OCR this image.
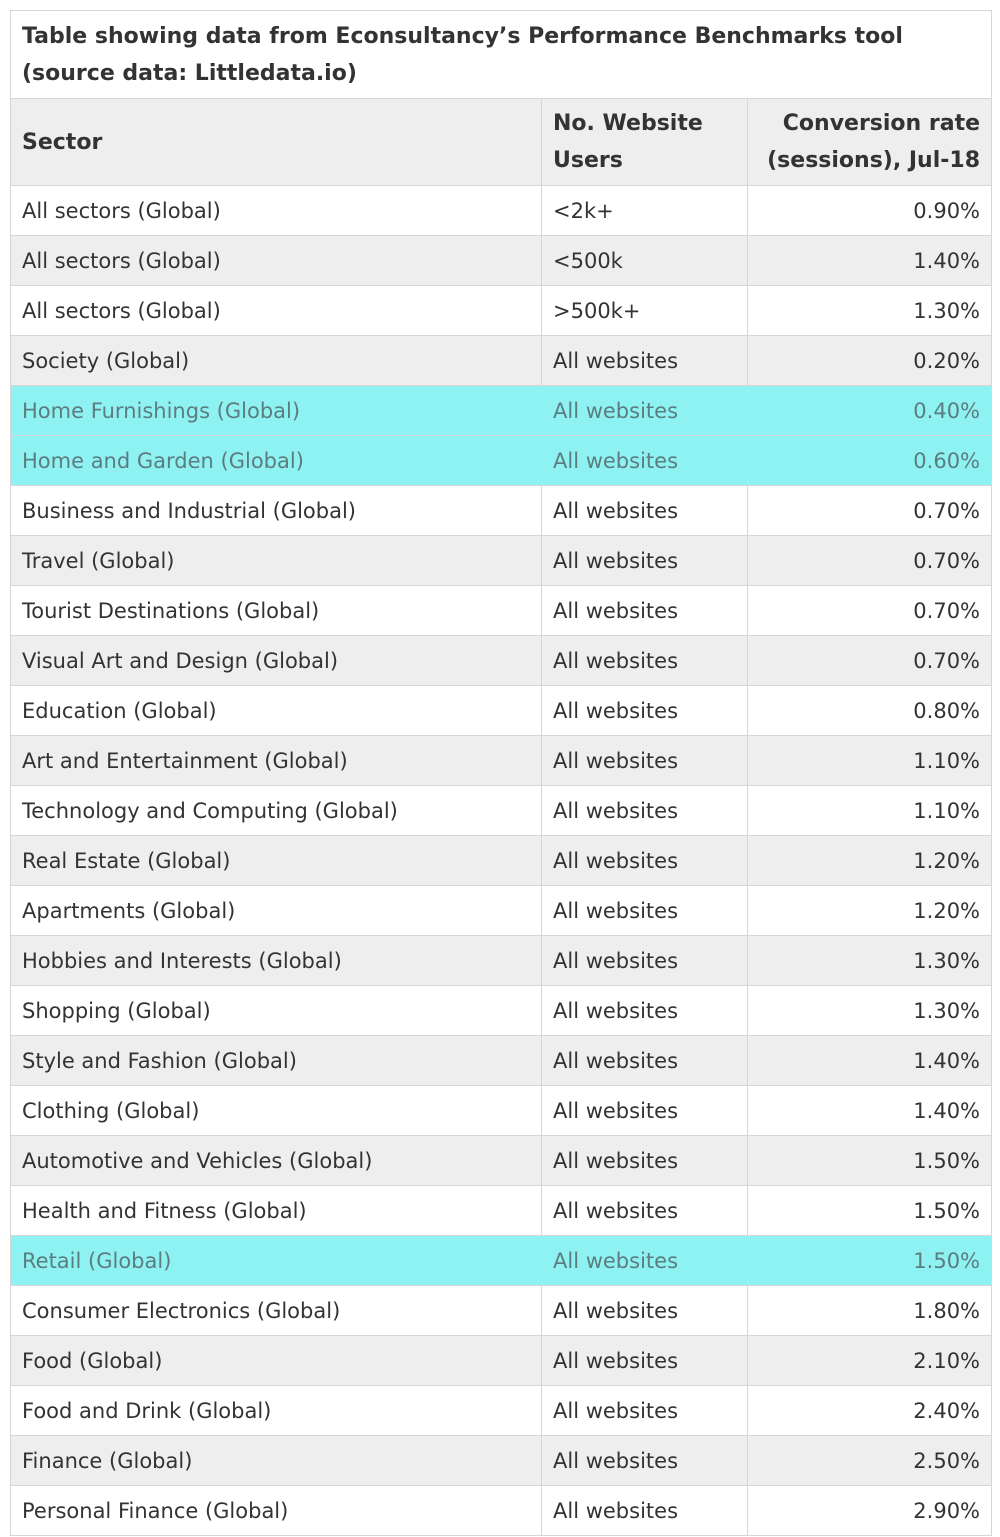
Table showing data from Econsultancy’s Performance Benchmarks tool (source data: Littledata.io)		
Sector	No. Website Users	Conversion rate (sessions), Jul-18
All sectors (Global)	<2k+	0.90%
All sectors (Global)	<500k	1.40%
All sectors (Global)	>500k+	1.30%
Society (Global)	All websites	0.20%
Home Furnishings (Global)	All websites	0.40%
Home and Garden (Global)	All websites	0.60%
Business and Industrial (Global)	All websites	0.70%
Travel (Global)	All websites	0.70%
Tourist Destinations (Global)	All websites	0.70%
Visual Art and Design (Global)	All websites	0.70%
Education (Global)	All websites	0.80%
Art and Entertainment (Global)	All websites	1.10%
Technology and Computing (Global)	All websites	1.10%
Real Estate (Global)	All websites	1.20%
Apartments (Global)	All websites	1.20%
Hobbies and Interests (Global)	All websites	1.30%
Shopping (Global)	All websites	1.30%
Style and Fashion (Global)	All websites	1.40%
Clothing (Global)	All websites	1.40%
Automotive and Vehicles (Global)	All websites	1.50%
Health and Fitness (Global)	All websites	1.50%
Retail (Global)	All websites	1.50%
Consumer Electronics (Global)	All websites	1.80%
Food (Global)	All websites	2.10%
Food and Drink (Global)	All websites	2.40%
Finance (Global)	All websites	2.50%
Personal Finance (Global)	All websites	2.90%
